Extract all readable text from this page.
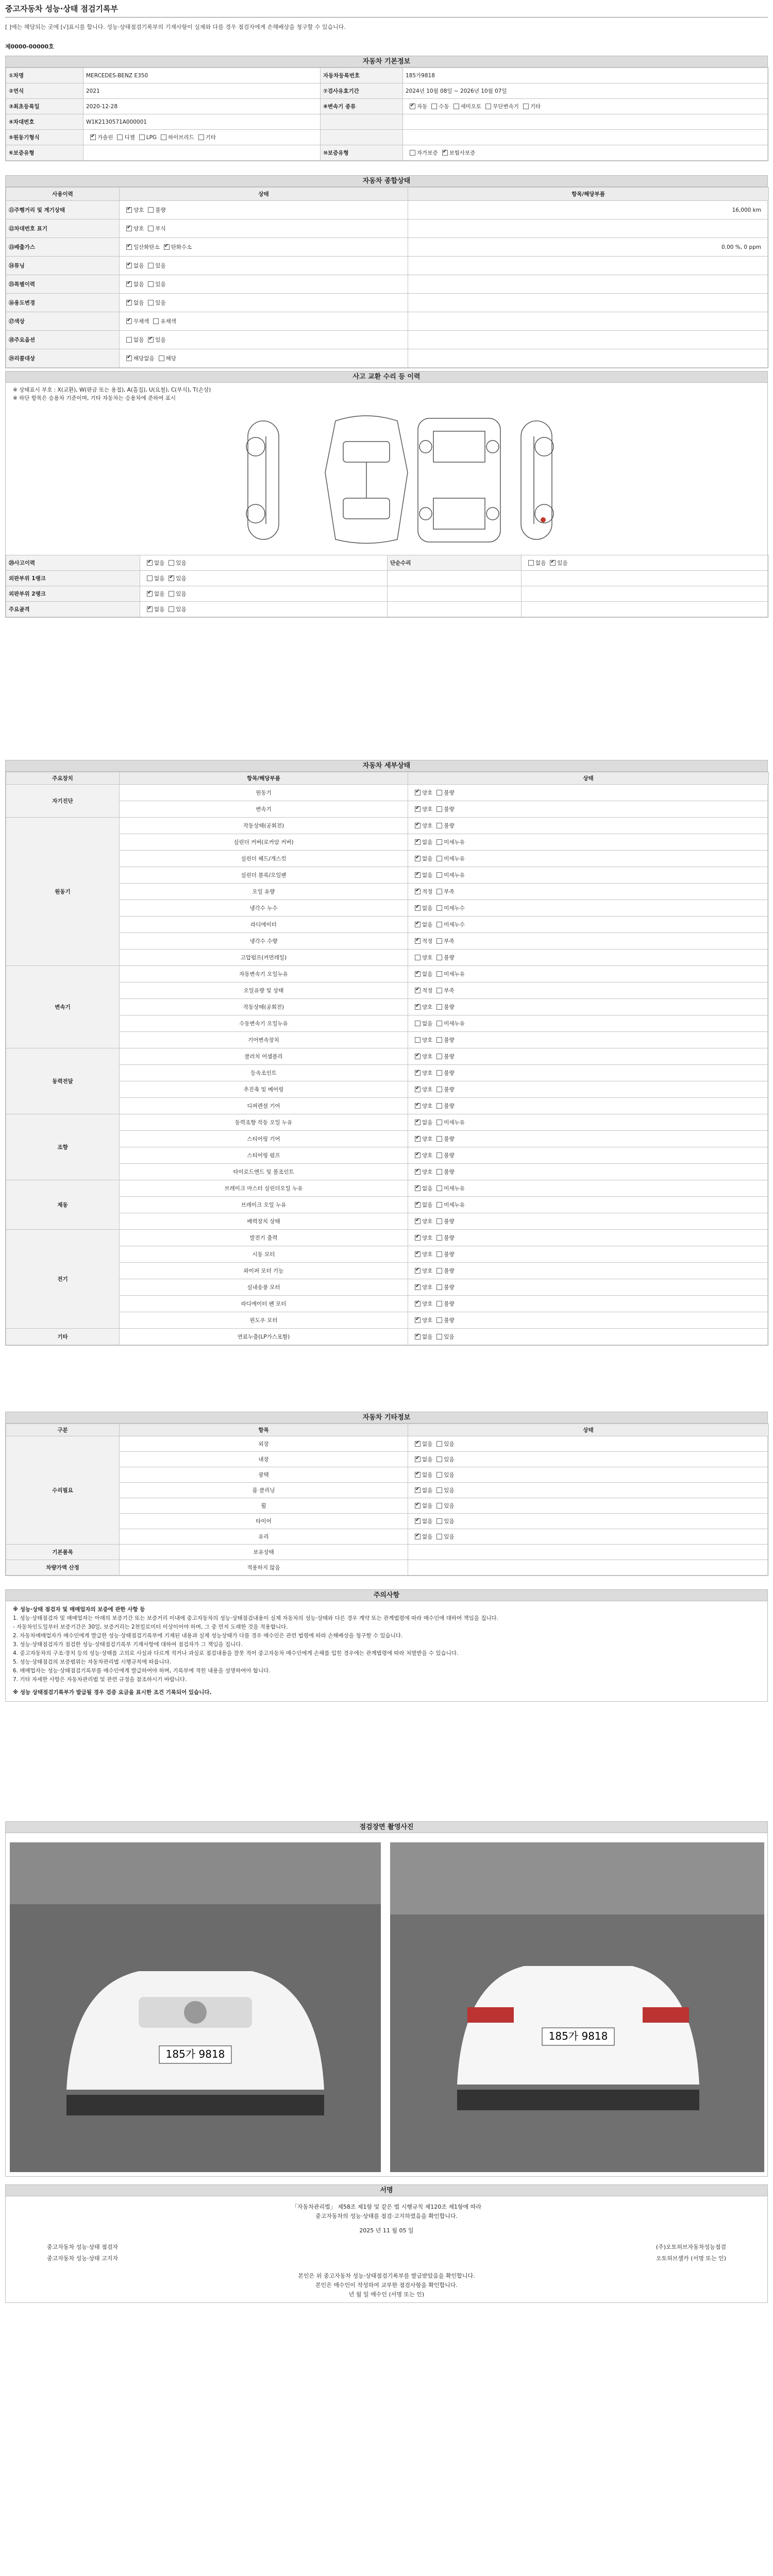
중고자동차 성능·상태 점검기록부
[ ]에는 해당되는 곳에 [√]표시를 합니다. 성능·상태점검기록부의 기재사항이 실제와 다를 경우 점검자에게 손해배상을 청구할 수 있습니다.
제0000-00000호
자동차 기본정보
①차명	MERCEDES-BENZ E350	자동차등록번호	185가9818
②연식	2021	⑦검사유효기간	2024년 10월 08일 ~ 2026년 10월 07일
③최초등록일	2020-12-28	⑧변속기 종류	✔자동 수동 세미오토 무단변속기 기타
④차대번호	W1K2130571A000001		
⑤원동기형식	✔가솔린 디젤 LPG 하이브리드 기타		
⑥보증유형		⑩보증유형	자가보증 ✔ 보험사보증
자동차 종합상태
사용이력	상태	항목/해당부품
⑪주행거리 및 계기상태	✔양호 불량	16,000 km
⑫차대번호 표기	✔양호 부식	
⑬배출가스	✔일산화탄소 ✔ 탄화수소	0.00 %, 0 ppm
⑭튜닝	✔없음 있음	
⑮특별이력	✔없음 있음	
⑯용도변경	✔없음 있음	
⑰색상	✔무채색 유채색	
⑱주요옵션	없음 ✔ 있음	
⑲리콜대상	✔해당없음 해당	
사고 교환 수리 등 이력
※ 상태표시 부호 : X(교환), W(판금 또는 용접), A(흠집), U(요철), C(부식), T(손상)
※ 하단 항목은 승용차 기준이며, 기타 자동차는 승용차에 준하여 표시
⑳사고이력	✔없음 있음	단순수리	없음 ✔ 있음
외판부위 1랭크	없음 ✔ 있음		
외판부위 2랭크	✔없음 있음		
주요골격	✔없음 있음		
자동차 세부상태
주요장치	항목/해당부품	상태
자기진단	원동기	✔양호 불량
	변속기	✔양호 불량
원동기	작동상태(공회전)	✔양호 불량
	실린더 커버(로커암 커버)	✔없음 미세누유
	실린더 헤드/개스킷	✔없음 미세누유
	실린더 블록/오일팬	✔없음 미세누유
	오일 유량	✔적정 부족
	냉각수 누수	✔없음 미세누수
	라디에이터	✔없음 미세누수
	냉각수 수량	✔적정 부족
	고압펌프(커먼레일)	양호 불량
변속기	자동변속기 오일누유	✔없음 미세누유
	오일유량 및 상태	✔적정 부족
	작동상태(공회전)	✔양호 불량
	수동변속기 오일누유	없음 미세누유
	기어변속장치	양호 불량
동력전달	클러치 어셈블리	✔양호 불량
	등속조인트	✔양호 불량
	추진축 및 베어링	✔양호 불량
	디퍼렌셜 기어	✔양호 불량
조향	동력조향 작동 오일 누유	✔없음 미세누유
	스티어링 기어	✔양호 불량
	스티어링 펌프	✔양호 불량
	타이로드엔드 및 볼조인트	✔양호 불량
제동	브레이크 마스터 실린더오일 누유	✔없음 미세누유
	브레이크 오일 누유	✔없음 미세누유
	배력장치 상태	✔양호 불량
전기	발전기 출력	✔양호 불량
	시동 모터	✔양호 불량
	와이퍼 모터 기능	✔양호 불량
	실내송풍 모터	✔양호 불량
	라디에이터 팬 모터	✔양호 불량
	윈도우 모터	✔양호 불량
기타	연료누출(LP가스포함)	✔없음 있음
자동차 기타정보
구분	항목	상태
수리필요	외장	✔없음 있음
	내장	✔없음 있음
	광택	✔없음 있음
	룸 클리닝	✔없음 있음
	휠	✔없음 있음
	타이어	✔없음 있음
	유리	✔없음 있음
기본품목	보유상태	
차량가액 산정	적용하지 않음	
주의사항

※ 성능·상태 점검자 및 매매업자의 보증에 관한 사항 등

1. 성능·상태점검자 및 매매업자는 아래의 보증기간 또는 보증거리 이내에 중고자동차의 성능·상태점검내용이 실제 자동차의 성능·상태와 다른 경우 계약 또는 관계법령에 따라 매수인에 대하여 책임을 집니다.

- 자동차인도일부터 보증기간은 30일, 보증거리는 2천킬로미터 이상이어야 하며, 그 중 먼저 도래한 것을 적용합니다.

2. 자동차매매업자가 매수인에게 발급한 성능·상태점검기록부에 기재된 내용과 실제 성능상태가 다를 경우 매수인은 관련 법령에 따라 손해배상을 청구할 수 있습니다.

3. 성능·상태점검자가 점검한 성능·상태점검기록부 기재사항에 대하여 점검자가 그 책임을 집니다.

4. 중고자동차의 구조·장치 등의 성능·상태를 고의로 사실과 다르게 적거나 과실로 점검내용을 잘못 적어 중고자동차 매수인에게 손해를 입힌 경우에는 관계법령에 따라 처벌받을 수 있습니다.

5. 성능·상태점검의 보증범위는 자동차관리법 시행규칙에 따릅니다.

6. 매매업자는 성능·상태점검기록부를 매수인에게 발급하여야 하며, 기록부에 적힌 내용을 설명하여야 합니다.

7. 기타 자세한 사항은 자동차관리법 및 관련 규정을 참조하시기 바랍니다.

※ 성능 상태점검기록부가 발급될 경우 검증 요금을 표시한 조건 기록되어 있습니다.

점검장면 촬영사진
185가 9818
185가 9818
서명
「자동차관리법」 제58조 제1항 및 같은 법 시행규칙 제120조 제1항에 따라
중고자동차의 성능·상태를 점검·고지하였음을 확인합니다.
2025 년 11 월 05 일
중고자동차 성능·상태 점검자	(주)오토허브자동차성능점검
중고자동차 성능·상태 고지자	오토허브셀카 (서명 또는 인)
본인은 위 중고자동차 성능·상태점검기록부를 발급받았음을 확인합니다.
본인은 매수인이 작성하여 교부한 점검사항을 확인합니다.
년 월 일 매수인 (서명 또는 인)
